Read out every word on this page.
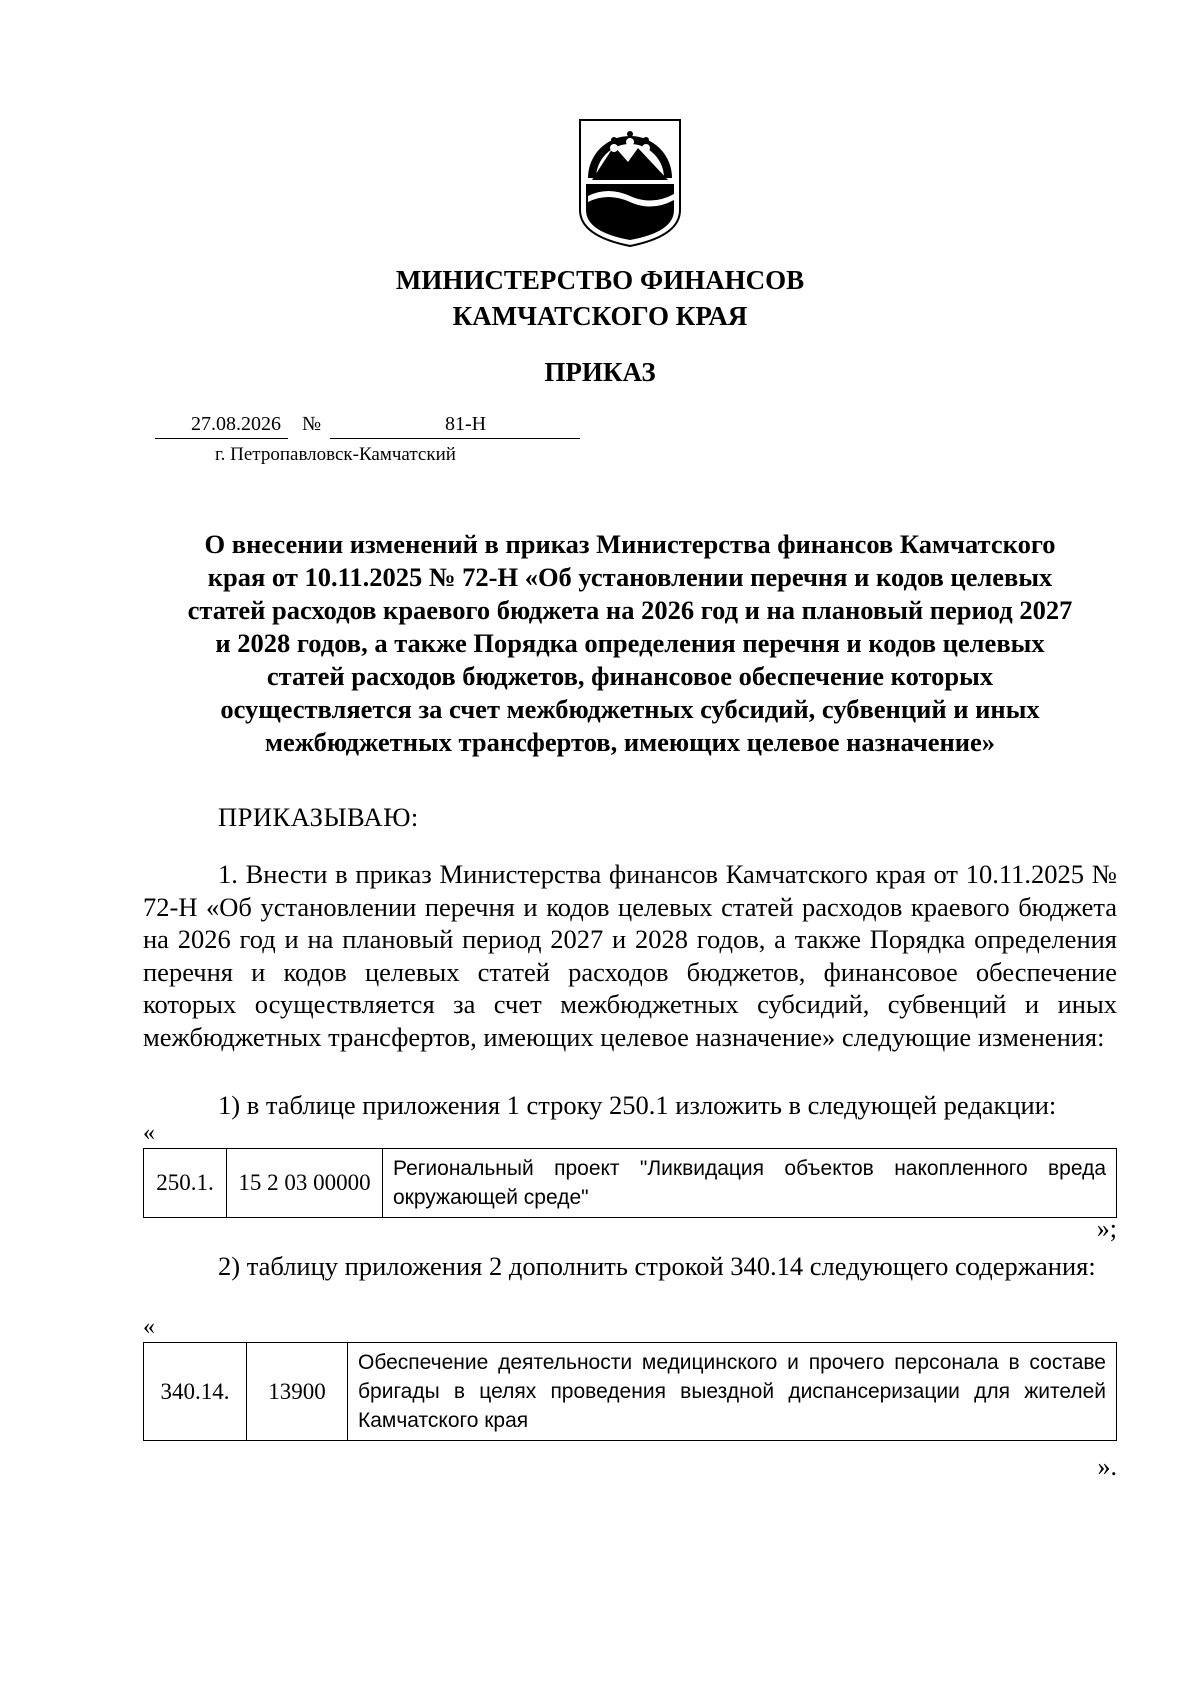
МИНИСТЕРСТВО ФИНАНСОВ
КАМЧАТСКОГО КРАЯ
ПРИКАЗ
27.08.2026 №	81-Н
г. Петропавловск-Камчатский
О внесении изменений в приказ Министерства финансов Камчатского
края от 10.11.2025 № 72-Н «Об установлении перечня и кодов целевых
статей расходов краевого бюджета на 2026 год и на плановый период 2027
и 2028 годов, а также Порядка определения перечня и кодов целевых
статей расходов бюджетов, финансовое обеспечение которых
осуществляется за счет межбюджетных субсидий, субвенций и иных
межбюджетных трансфертов, имеющих целевое назначение»
ПРИКАЗЫВАЮ:
1. Внести в приказ Министерства финансов Камчатского края от 10.11.2025 № 72-Н «Об установлении перечня и кодов целевых статей расходов краевого бюджета на 2026 год и на плановый период 2027 и 2028 годов, а также Порядка определения перечня и кодов целевых статей расходов бюджетов, финансовое обеспечение которых осуществляется за счет межбюджетных субсидий, субвенций и иных межбюджетных трансфертов, имеющих целевое назначение» следующие изменения:
1) в таблице приложения 1 строку 250.1 изложить в следующей редакции:
«
250.1.	15 2 03 00000	Региональный проект "Ликвидация объектов накопленного вреда окружающей среде"
»;
2) таблицу приложения 2 дополнить строкой 340.14 следующего содержания:
«
340.14.	13900	Обеспечение деятельности медицинского и прочего персонала в составе бригады в целях проведения выездной диспансеризации для жителей Камчатского края
».
